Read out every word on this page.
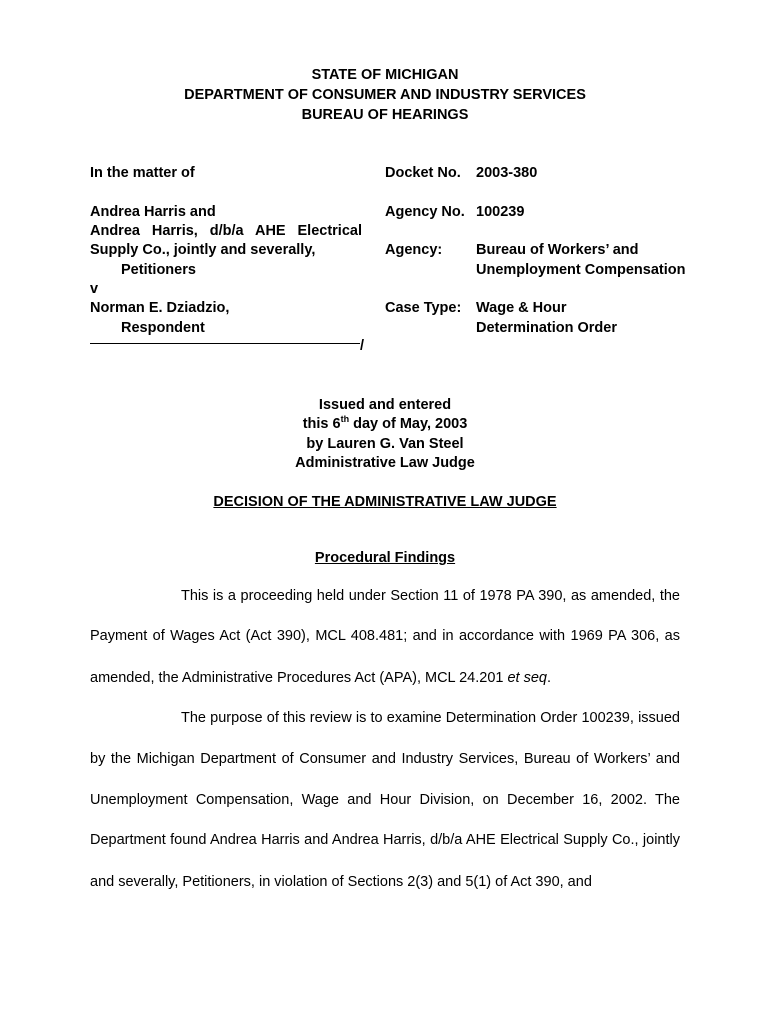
STATE OF MICHIGAN
DEPARTMENT OF CONSUMER AND INDUSTRY SERVICES
BUREAU OF HEARINGS
In the matter of
Andrea Harris and
Andrea Harris, d/b/a AHE Electrical
Supply Co., jointly and severally,
Petitioners
v
Norman E. Dziadzio,
Respondent
/
Docket No. 2003-380
Agency No. 100239
Agency: Bureau of Workers’ and
Unemployment Compensation
Case Type: Wage & Hour
Determination Order
Issued and entered
this 6th day of May, 2003
by Lauren G. Van Steel
Administrative Law Judge
DECISION OF THE ADMINISTRATIVE LAW JUDGE
Procedural Findings
This is a proceeding held under Section 11 of 1978 PA 390, as amended, the
Payment of Wages Act (Act 390), MCL 408.481; and in accordance with 1969 PA 306, as
amended, the Administrative Procedures Act (APA), MCL 24.201 et seq.
The purpose of this review is to examine Determination Order 100239, issued
by the Michigan Department of Consumer and Industry Services, Bureau of Workers’ and
Unemployment Compensation, Wage and Hour Division, on December 16, 2002. The
Department found Andrea Harris and Andrea Harris, d/b/a AHE Electrical Supply Co., jointly
and severally, Petitioners, in violation of Sections 2(3) and 5(1) of Act 390, and
